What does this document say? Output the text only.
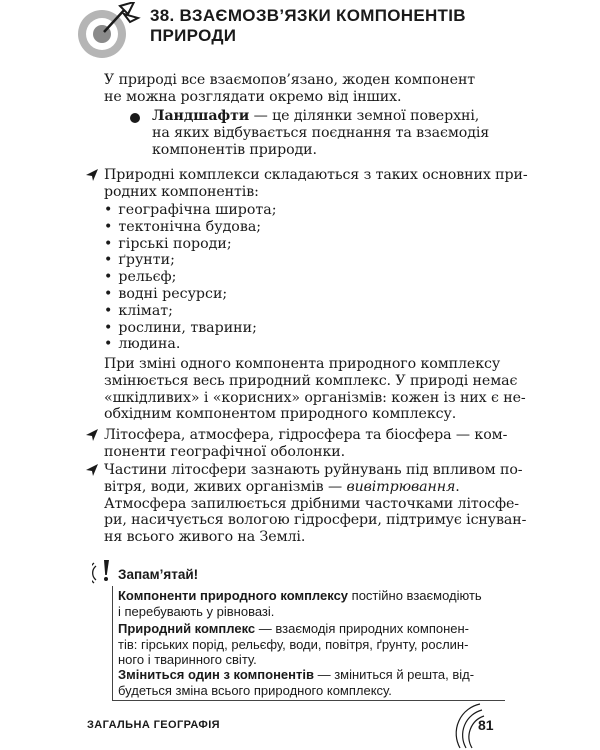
38. ВЗАЄМОЗВ’ЯЗКИ КОМПОНЕНТІВ
ПРИРОДИ
У природі все взаємопов’язано, жоден компонент
не можна розглядати окремо від інших.
Ландшафти — це ділянки земної поверхні,
на яких відбувається поєднання та взаємодія
компонентів природи.
Природні комплекси складаються з таких основних при-
родних компонентів:
• географічна широта;
• тектонічна будова;
• гірські породи;
• ґрунти;
• рельєф;
• водні ресурси;
• клімат;
• рослини, тварини;
• людина.
При зміні одного компонента природного комплексу
змінюється весь природний комплекс. У природі немає
«шкідливих» і «корисних» організмів: кожен із них є не-
обхідним компонентом природного комплексу.
Літосфера, атмосфера, гідросфера та біосфера — ком-
поненти географічної оболонки.
Частини літосфери зазнають руйнувань під впливом по-
вітря, води, живих організмів — вивітрювання.
Атмосфера запилюється дрібними часточками літосфе-
ри, насичується вологою гідросфери, підтримує існуван-
ня всього живого на Землі.
Запам’ятай!
Компоненти природного комплексу постійно взаємодіють
і перебувають у рівновазі.
Природний комплекс — взаємодія природних компонен-
тів: гірських порід, рельєфу, води, повітря, ґрунту, рослин-
ного і тваринного світу.
Зміниться один з компонентів — зміниться й решта, від-
будеться зміна всього природного комплексу.
ЗАГАЛЬНА ГЕОГРАФІЯ	81
